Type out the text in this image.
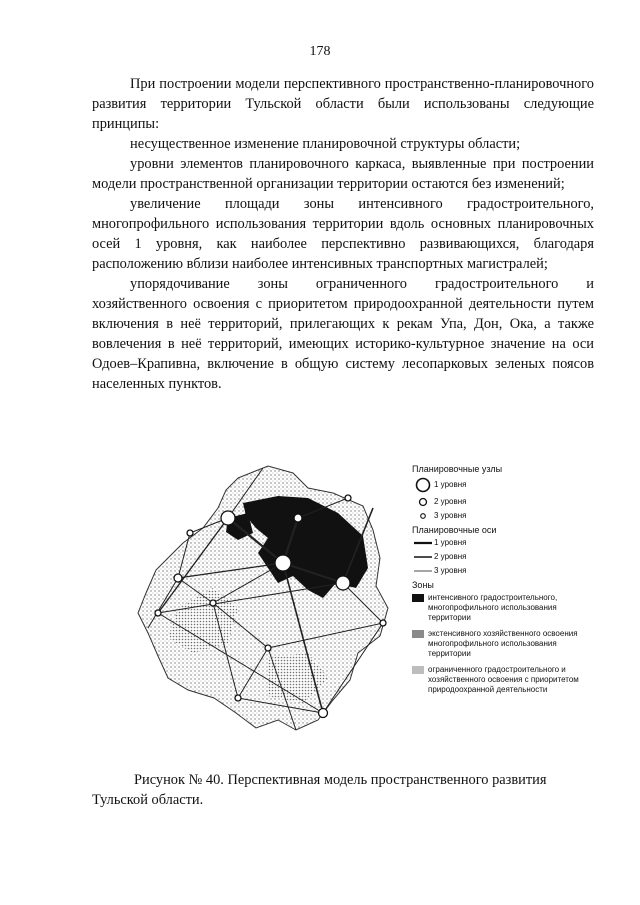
178

При построении модели перспективного пространственно-планировочного развития территории Тульской области были использованы следующие принципы:

несущественное изменение планировочной структуры области;

уровни элементов планировочного каркаса, выявленные при построении модели пространственной организации территории остаются без изменений;

увеличение площади зоны интенсивного градостроительного, многопрофильного использования территории вдоль основных планировочных осей 1 уровня, как наиболее перспективно развивающихся, благодаря расположению вблизи наиболее интенсивных транспортных магистралей;

упорядочивание зоны ограниченного градостроительного и хозяйственного освоения с приоритетом природоохранной деятельности путем включения в неё территорий, прилегающих к рекам Упа, Дон, Ока, а также вовлечения в неё территорий, имеющих историко-культурное значение на оси Одоев–Крапивна, включение в общую систему лесопарковых зеленых поясов населенных пунктов.

Планировочные узлы
1 уровня
2 уровня
3 уровня
Планировочные оси
1 уровня
2 уровня
3 уровня
Зоны
интенсивного градостроительного, многопрофильного использования территории
экстенсивного хозяйственного освоения многопрофильного использования территории
ограниченного градостроительного и хозяйственного освоения с приоритетом природоохранной деятельности
Рисунок № 40. Перспективная модель пространственного развития
Тульской области.
